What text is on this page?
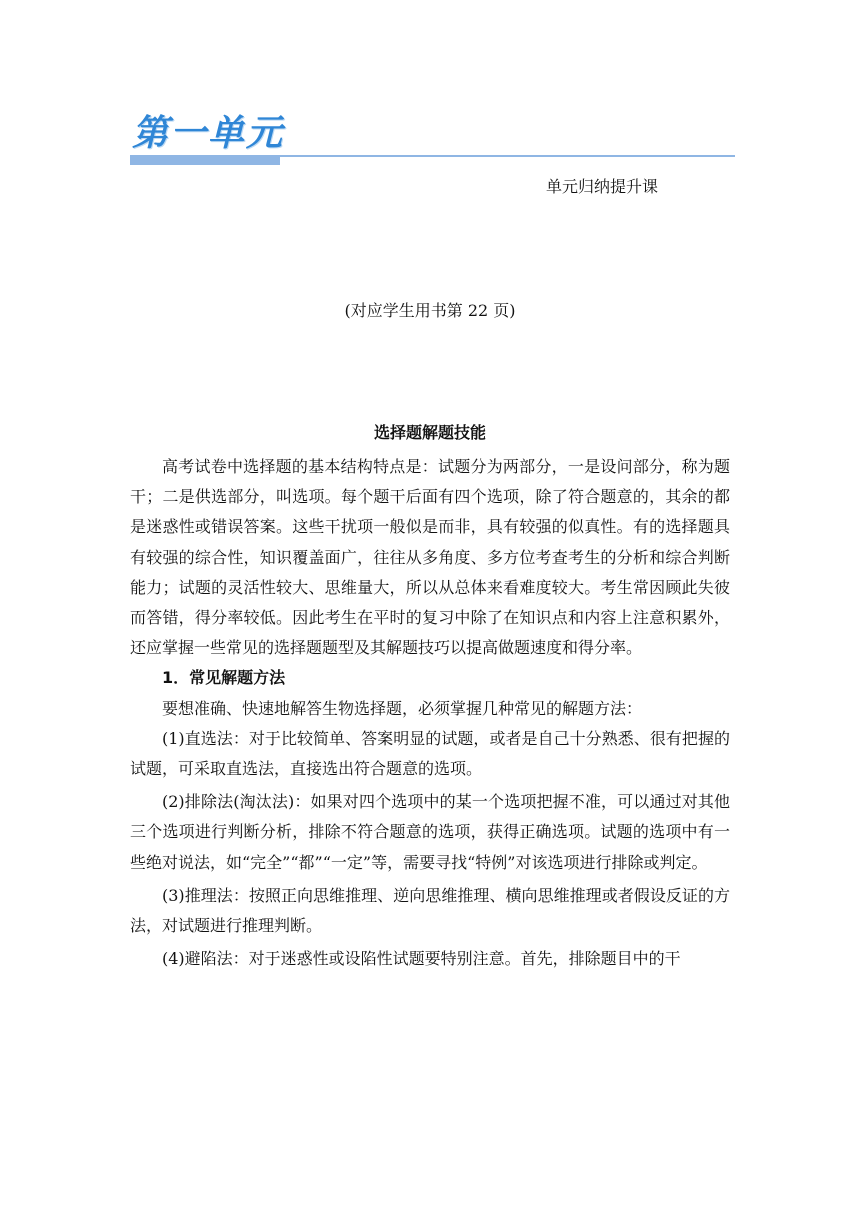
第一单元
单元归纳提升课
(对应学生用书第 22 页)
选择题解题技能

高考试卷中选择题的基本结构特点是：试题分为两部分，一是设问部分，称为题干；二是供选部分，叫选项。每个题干后面有四个选项，除了符合题意的，其余的都是迷惑性或错误答案。这些干扰项一般似是而非，具有较强的似真性。有的选择题具有较强的综合性，知识覆盖面广，往往从多角度、多方位考查考生的分析和综合判断能力；试题的灵活性较大、思维量大，所以从总体来看难度较大。考生常因顾此失彼而答错，得分率较低。因此考生在平时的复习中除了在知识点和内容上注意积累外，还应掌握一些常见的选择题题型及其解题技巧以提高做题速度和得分率。

1．常见解题方法

要想准确、快速地解答生物选择题，必须掌握几种常见的解题方法：

(1)直选法：对于比较简单、答案明显的试题，或者是自己十分熟悉、很有把握的试题，可采取直选法，直接选出符合题意的选项。

(2)排除法(淘汰法)：如果对四个选项中的某一个选项把握不准，可以通过对其他三个选项进行判断分析，排除不符合题意的选项，获得正确选项。试题的选项中有一些绝对说法，如“完全”“都”“一定”等，需要寻找“特例”对该选项进行排除或判定。

(3)推理法：按照正向思维推理、逆向思维推理、横向思维推理或者假设反证的方法，对试题进行推理判断。

(4)避陷法：对于迷惑性或设陷性试题要特别注意。首先，排除题目中的干
